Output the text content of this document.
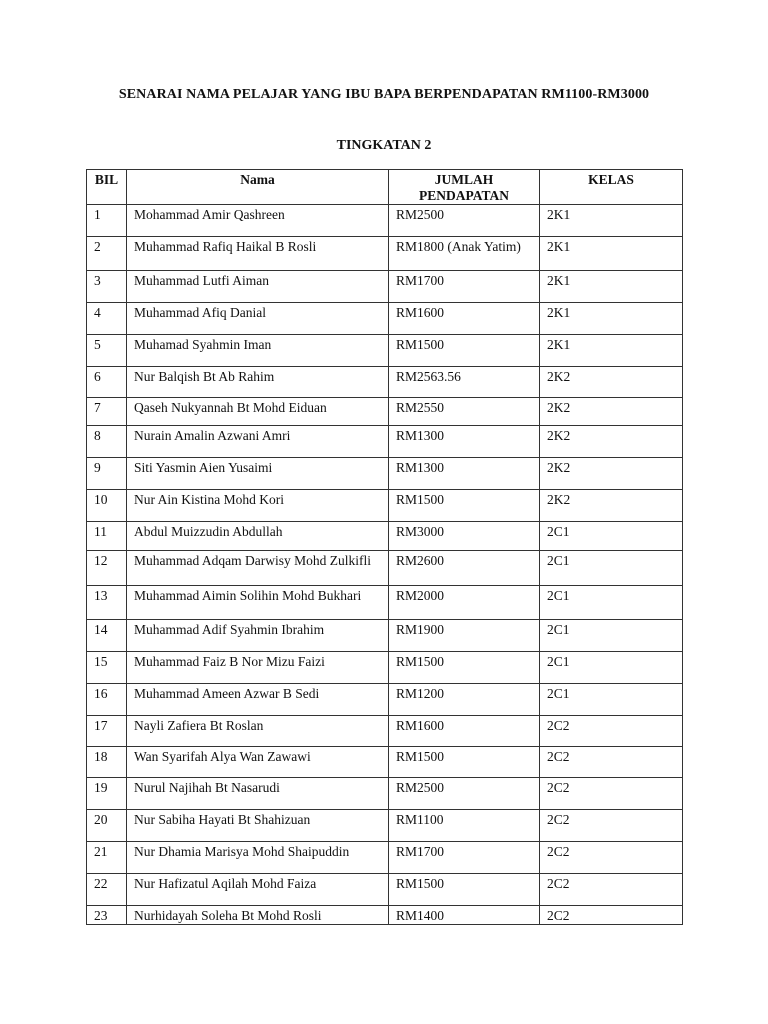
SENARAI NAMA PELAJAR YANG IBU BAPA BERPENDAPATAN RM1100-RM3000
TINGKATAN 2
BIL	Nama	JUMLAH PENDAPATAN	KELAS
1	Mohammad Amir Qashreen	RM2500	2K1
2	Muhammad Rafiq Haikal B Rosli	RM1800 (Anak Yatim)	2K1
3	Muhammad Lutfi Aiman	RM1700	2K1
4	Muhammad Afiq Danial	RM1600	2K1
5	Muhamad Syahmin Iman	RM1500	2K1
6	Nur Balqish Bt Ab Rahim	RM2563.56	2K2
7	Qaseh Nukyannah Bt Mohd Eiduan	RM2550	2K2
8	Nurain Amalin Azwani Amri	RM1300	2K2
9	Siti Yasmin Aien Yusaimi	RM1300	2K2
10	Nur Ain Kistina Mohd Kori	RM1500	2K2
11	Abdul Muizzudin Abdullah	RM3000	2C1
12	Muhammad Adqam Darwisy Mohd Zulkifli	RM2600	2C1
13	Muhammad Aimin Solihin Mohd Bukhari	RM2000	2C1
14	Muhammad Adif Syahmin Ibrahim	RM1900	2C1
15	Muhammad Faiz B Nor Mizu Faizi	RM1500	2C1
16	Muhammad Ameen Azwar B Sedi	RM1200	2C1
17	Nayli Zafiera Bt Roslan	RM1600	2C2
18	Wan Syarifah Alya Wan Zawawi	RM1500	2C2
19	Nurul Najihah Bt Nasarudi	RM2500	2C2
20	Nur Sabiha Hayati Bt Shahizuan	RM1100	2C2
21	Nur Dhamia Marisya Mohd Shaipuddin	RM1700	2C2
22	Nur Hafizatul Aqilah Mohd Faiza	RM1500	2C2
23	Nurhidayah Soleha Bt Mohd Rosli	RM1400	2C2
